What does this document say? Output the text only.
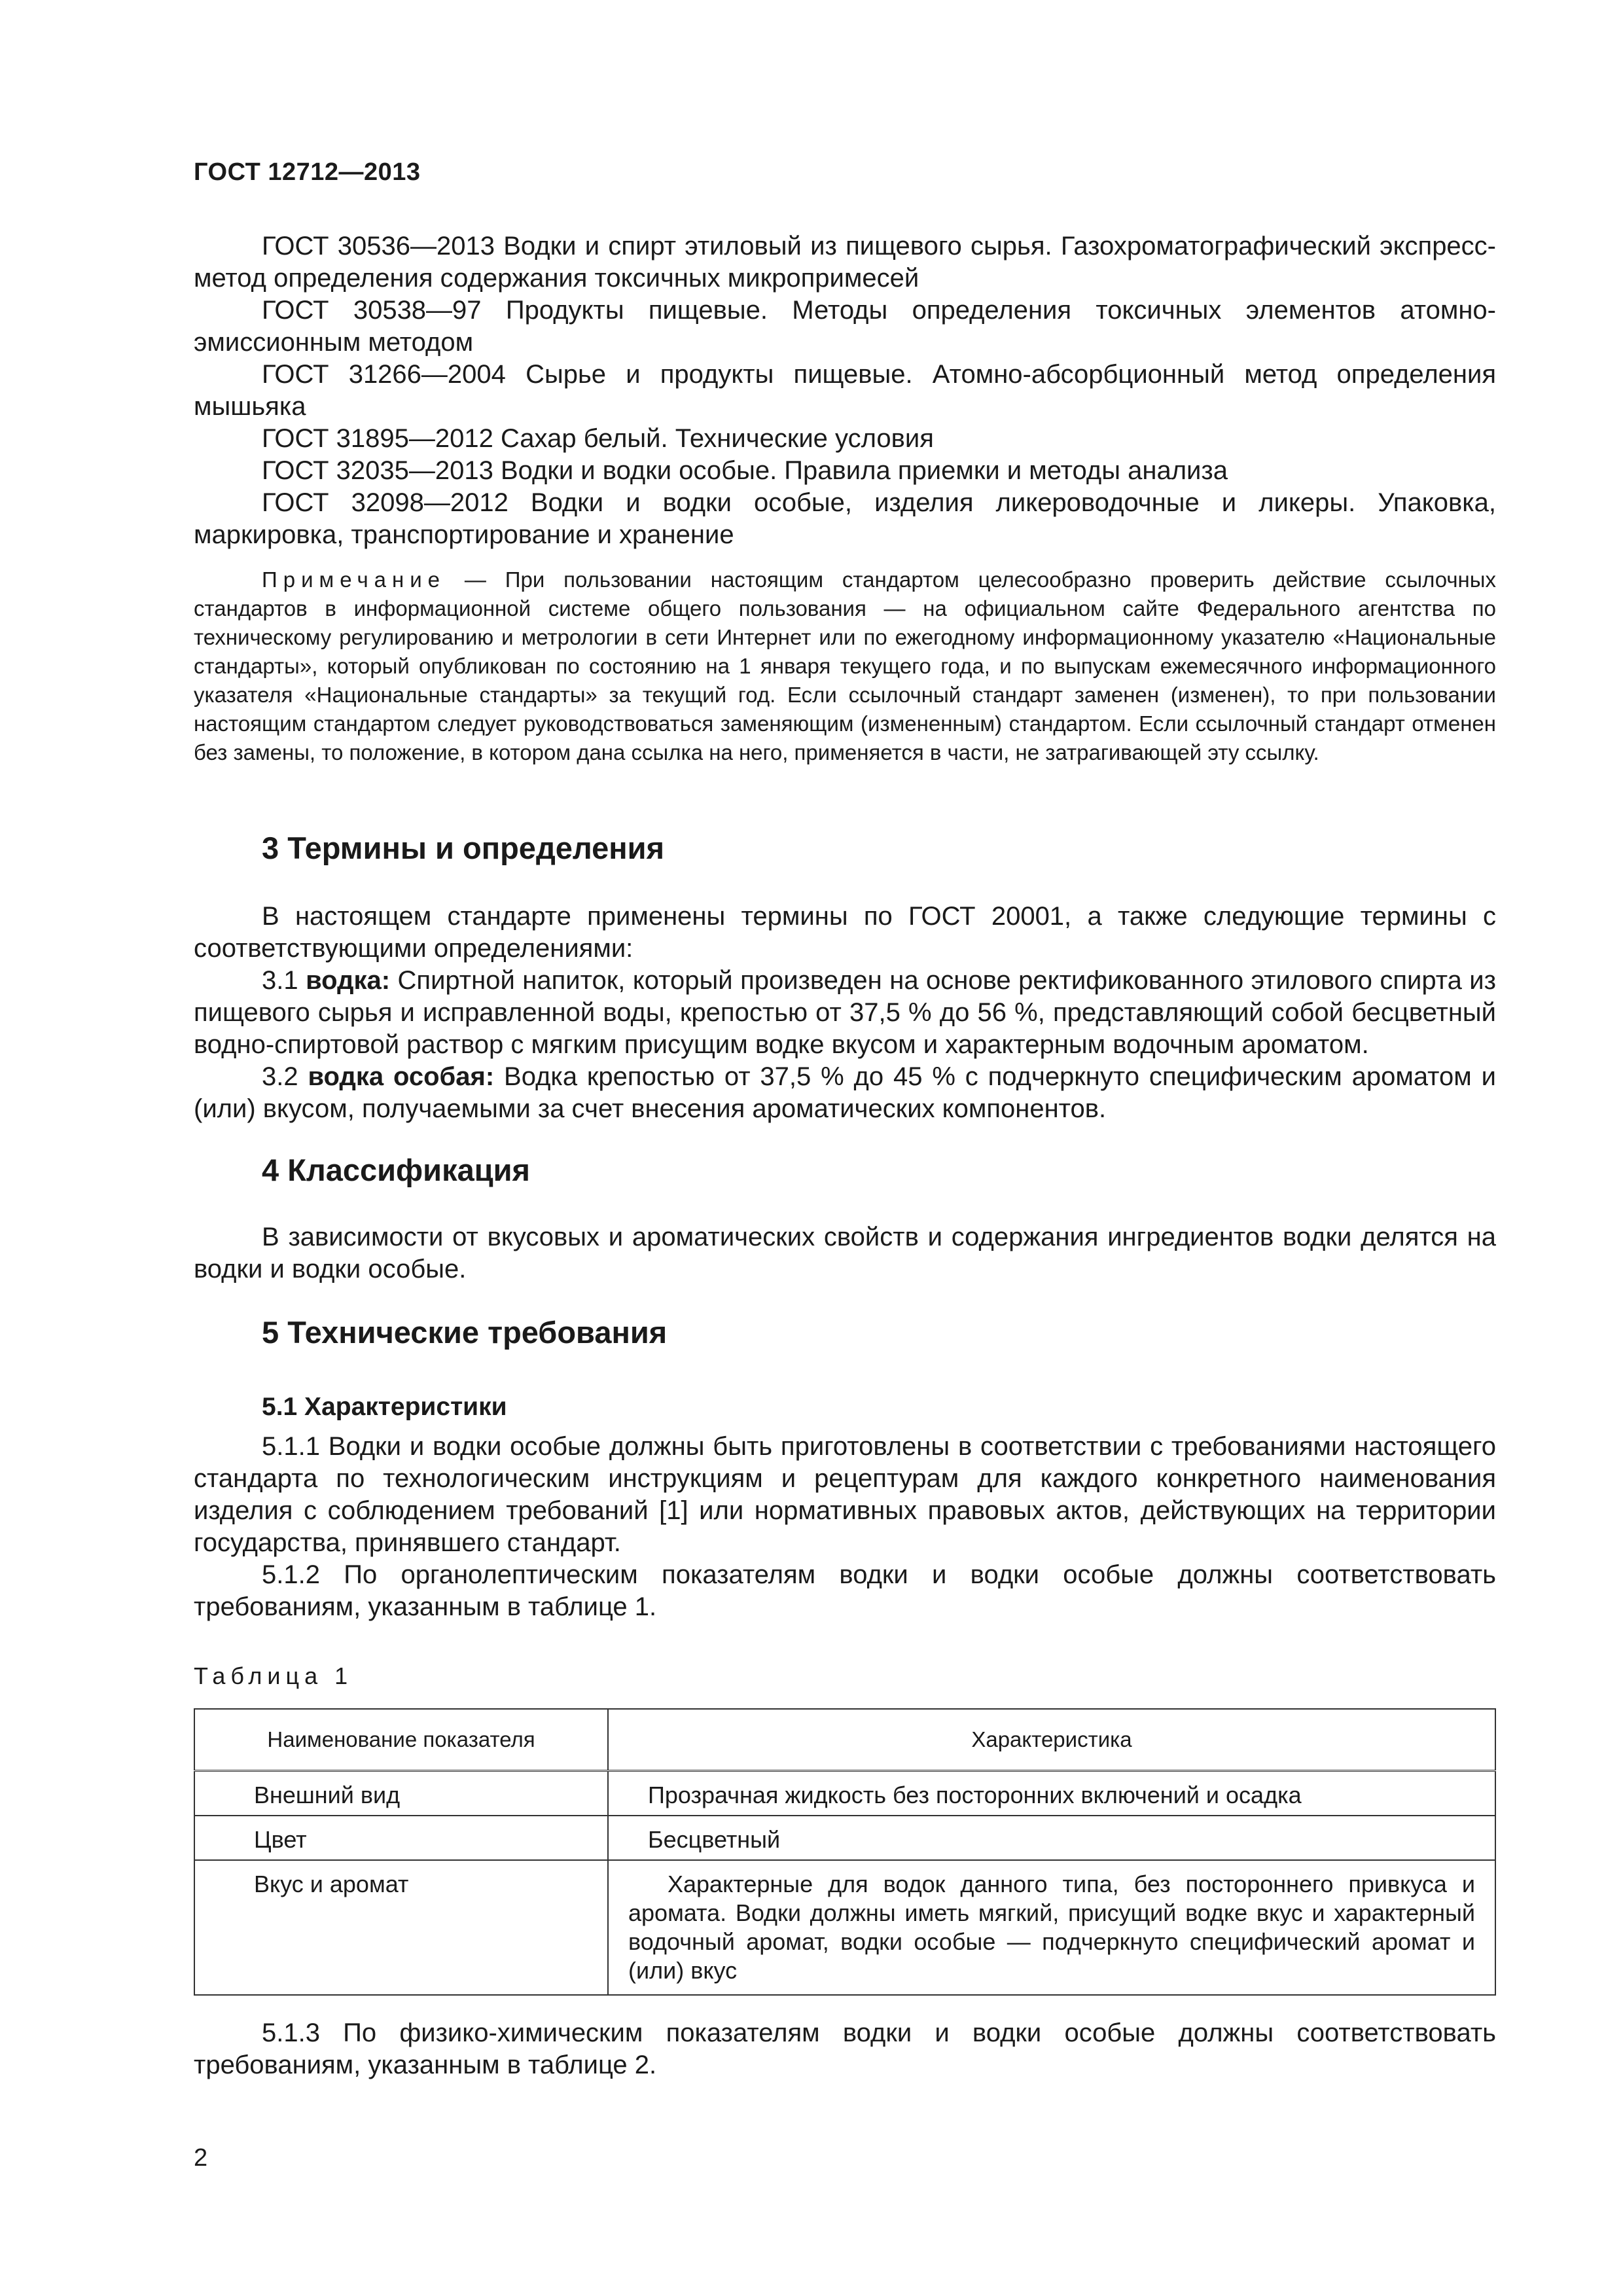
ГОСТ 12712—2013

ГОСТ 30536—2013 Водки и спирт этиловый из пищевого сырья. Газохроматографический экспресс-метод определения содержания токсичных микропримесей

ГОСТ 30538—97 Продукты пищевые. Методы определения токсичных элементов атомно-эмиссионным методом

ГОСТ 31266—2004 Сырье и продукты пищевые. Атомно-абсорбционный метод определения мышьяка

ГОСТ 31895—2012 Сахар белый. Технические условия

ГОСТ 32035—2013 Водки и водки особые. Правила приемки и методы анализа

ГОСТ 32098—2012 Водки и водки особые, изделия ликероводочные и ликеры. Упаковка, маркировка, транспортирование и хранение

Примечание — При пользовании настоящим стандартом целесообразно проверить действие ссылочных стандартов в информационной системе общего пользования — на официальном сайте Федерального агентства по техническому регулированию и метрологии в сети Интернет или по ежегодному информационному указателю «Национальные стандарты», который опубликован по состоянию на 1 января текущего года, и по выпускам ежемесячного информационного указателя «Национальные стандарты» за текущий год. Если ссылочный стандарт заменен (изменен), то при пользовании настоящим стандартом следует руководствоваться заменяющим (измененным) стандартом. Если ссылочный стандарт отменен без замены, то положение, в котором дана ссылка на него, применяется в части, не затрагивающей эту ссылку.

3 Термины и определения

В настоящем стандарте применены термины по ГОСТ 20001, а также следующие термины с соответствующими определениями:

3.1 водка: Спиртной напиток, который произведен на основе ректификованного этилового спирта из пищевого сырья и исправленной воды, крепостью от 37,5 % до 56 %, представляющий собой бесцветный водно-спиртовой раствор с мягким присущим водке вкусом и характерным водочным ароматом.

3.2 водка особая: Водка крепостью от 37,5 % до 45 % с подчеркнуто специфическим ароматом и (или) вкусом, получаемыми за счет внесения ароматических компонентов.

4 Классификация

В зависимости от вкусовых и ароматических свойств и содержания ингредиентов водки делятся на водки и водки особые.

5 Технические требования
5.1 Характеристики

5.1.1 Водки и водки особые должны быть приготовлены в соответствии с требованиями настоящего стандарта по технологическим инструкциям и рецептурам для каждого конкретного наименования изделия с соблюдением требований [1] или нормативных правовых актов, действующих на территории государства, принявшего стандарт.

5.1.2 По органолептическим показателям водки и водки особые должны соответствовать требованиям, указанным в таблице 1.

Таблица 1
Наименование показателя	Характеристика
Внешний вид	Прозрачная жидкость без посторонних включений и осадка
Цвет	Бесцветный
Вкус и аромат	Характерные для водок данного типа, без постороннего привкуса и аромата. Водки должны иметь мягкий, присущий водке вкус и характерный водочный аромат, водки особые — подчеркнуто специфический аромат и (или) вкус

5.1.3 По физико-химическим показателям водки и водки особые должны соответствовать требованиям, указанным в таблице 2.

2
